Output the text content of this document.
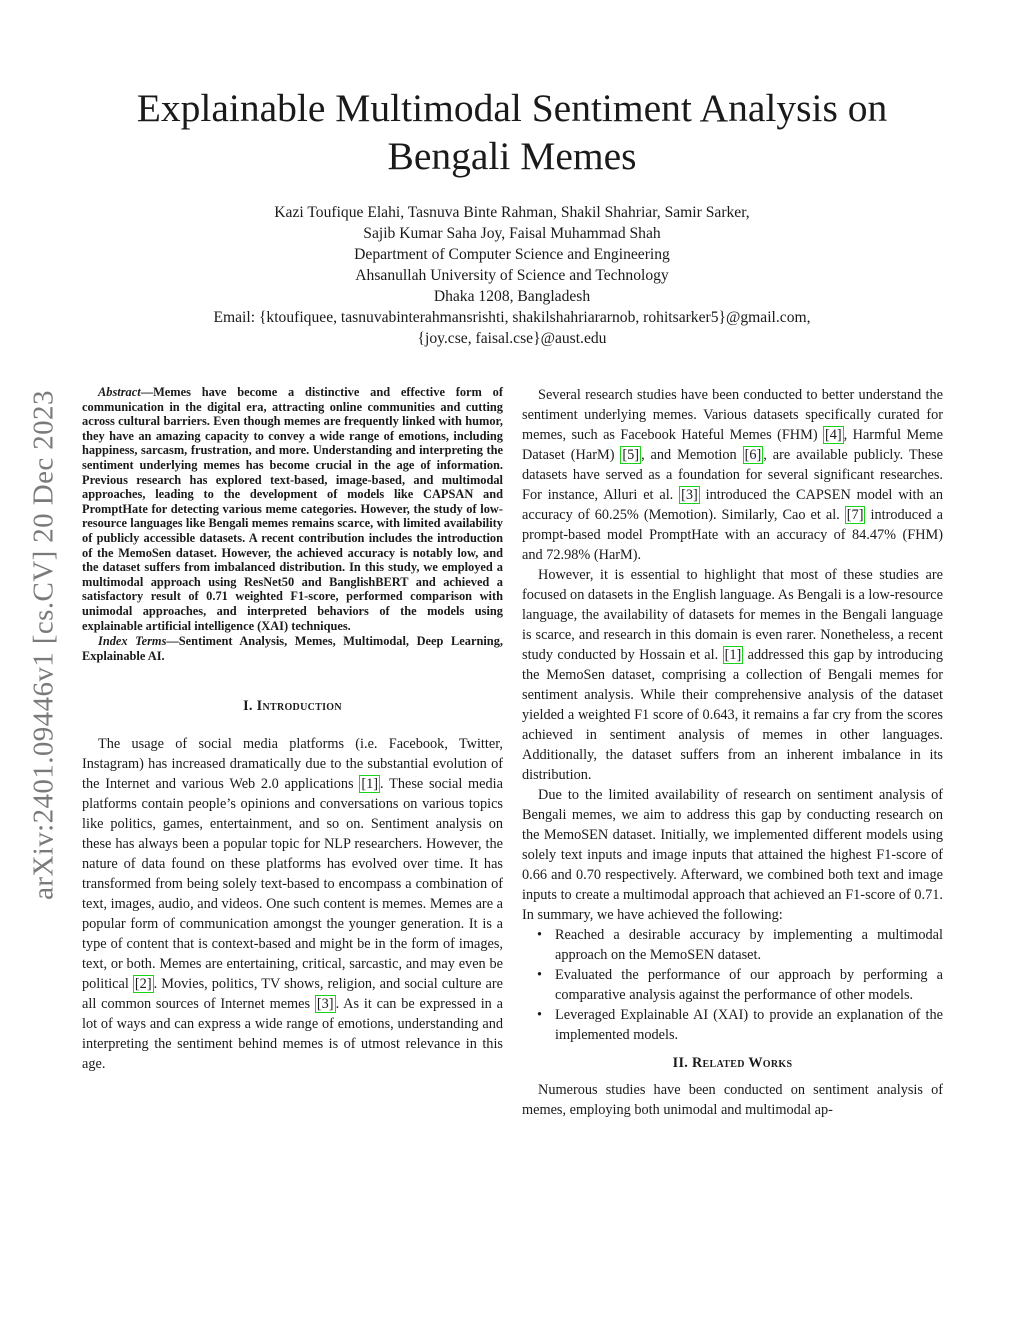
arXiv:2401.09446v1 [cs.CV] 20 Dec 2023
Explainable Multimodal Sentiment Analysis on Bengali Memes
Kazi Toufique Elahi, Tasnuva Binte Rahman, Shakil Shahriar, Samir Sarker,
Sajib Kumar Saha Joy, Faisal Muhammad Shah
Department of Computer Science and Engineering
Ahsanullah University of Science and Technology
Dhaka 1208, Bangladesh
Email: {ktoufiquee, tasnuvabinterahmansrishti, shakilshahriararnob, rohitsarker5}@gmail.com,
{joy.cse, faisal.cse}@aust.edu

Abstract—Memes have become a distinctive and effective form of communication in the digital era, attracting online communities and cutting across cultural barriers. Even though memes are frequently linked with humor, they have an amazing capacity to convey a wide range of emotions, including happiness, sarcasm, frustration, and more. Understanding and interpreting the sentiment underlying memes has become crucial in the age of information. Previous research has explored text-based, image-based, and multimodal approaches, leading to the development of models like CAPSAN and PromptHate for detecting various meme categories. However, the study of low-resource languages like Bengali memes remains scarce, with limited availability of publicly accessible datasets. A recent contribution includes the introduction of the MemoSen dataset. However, the achieved accuracy is notably low, and the dataset suffers from imbalanced distribution. In this study, we employed a multimodal approach using ResNet50 and BanglishBERT and achieved a satisfactory result of 0.71 weighted F1-score, performed comparison with unimodal approaches, and interpreted behaviors of the models using explainable artificial intelligence (XAI) techniques.

Index Terms—Sentiment Analysis, Memes, Multimodal, Deep Learning, Explainable AI.

I. Introduction

The usage of social media platforms (i.e. Facebook, Twitter, Instagram) has increased dramatically due to the substantial evolution of the Internet and various Web 2.0 applications [1] . These social media platforms contain people’s opinions and conversations on various topics like politics, games, entertainment, and so on. Sentiment analysis on these has always been a popular topic for NLP researchers. However, the nature of data found on these platforms has evolved over time. It has transformed from being solely text-based to encompass a combination of text, images, audio, and videos. One such content is memes. Memes are a popular form of communication amongst the younger generation. It is a type of content that is context-based and might be in the form of images, text, or both. Memes are entertaining, critical, sarcastic, and may even be political [2] . Movies, politics, TV shows, religion, and social culture are all common sources of Internet memes [3] . As it can be expressed in a lot of ways and can express a wide range of emotions, understanding and interpreting the sentiment behind memes is of utmost relevance in this age.

Several research studies have been conducted to better understand the sentiment underlying memes. Various datasets specifically curated for memes, such as Facebook Hateful Memes (FHM) [4] , Harmful Meme Dataset (HarM) [5] , and Memotion [6] , are available publicly. These datasets have served as a foundation for several significant researches. For instance, Alluri et al. [3] introduced the CAPSEN model with an accuracy of 60.25% (Memotion). Similarly, Cao et al. [7] introduced a prompt-based model PromptHate with an accuracy of 84.47% (FHM) and 72.98% (HarM).

However, it is essential to highlight that most of these studies are focused on datasets in the English language. As Bengali is a low-resource language, the availability of datasets for memes in the Bengali language is scarce, and research in this domain is even rarer. Nonetheless, a recent study conducted by Hossain et al. [1] addressed this gap by introducing the MemoSen dataset, comprising a collection of Bengali memes for sentiment analysis. While their comprehensive analysis of the dataset yielded a weighted F1 score of 0.643, it remains a far cry from the scores achieved in sentiment analysis of memes in other languages. Additionally, the dataset suffers from an inherent imbalance in its distribution.

Due to the limited availability of research on sentiment analysis of Bengali memes, we aim to address this gap by conducting research on the MemoSEN dataset. Initially, we implemented different models using solely text inputs and image inputs that attained the highest F1-score of 0.66 and 0.70 respectively. Afterward, we combined both text and image inputs to create a multimodal approach that achieved an F1-score of 0.71. In summary, we have achieved the following:

• Reached a desirable accuracy by implementing a multimodal approach on the MemoSEN dataset.
• Evaluated the performance of our approach by performing a comparative analysis against the performance of other models.
• Leveraged Explainable AI (XAI) to provide an explanation of the implemented models.
II. Related Works

Numerous studies have been conducted on sentiment analysis of memes, employing both unimodal and multimodal ap-
